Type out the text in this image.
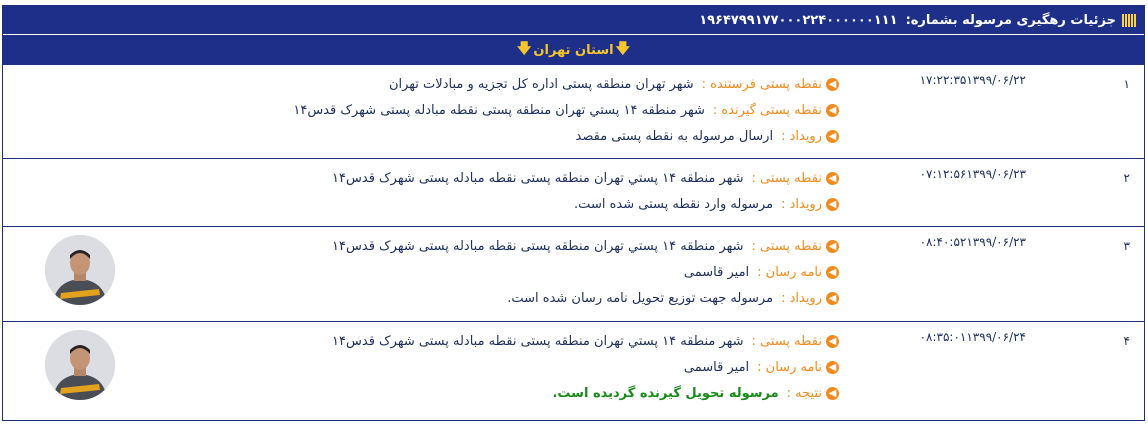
جزئیات رهگیری مرسوله بشماره:
۱۹۶۴۷۹۹۱۷۷۰۰۰۲۲۴۰۰۰۰۰۰۱۱۱
🡇
استان تهران
🡇
۱
۱۷:۲۲:۳۵۱۳۹۹/۰۶/۲۲
◀
نقطه پستی فرستنده :
شهر تهران منطقه پستی اداره کل تجزیه و مبادلات تهران
◀
نقطه پستی گیرنده :
شهر منطقه ۱۴ پستي تهران منطقه پستی نقطه مبادله پستی شهرک قدس۱۴
◀
رویداد :
ارسال مرسوله به نقطه پستی مقصد
۲
۰۷:۱۲:۵۶۱۳۹۹/۰۶/۲۳
◀
نقطه پستی :
شهر منطقه ۱۴ پستي تهران منطقه پستی نقطه مبادله پستی شهرک قدس۱۴
◀
رویداد :
مرسوله وارد نقطه پستی شده است.
۳
۰۸:۴۰:۵۲۱۳۹۹/۰۶/۲۳
◀
نقطه پستی :
شهر منطقه ۱۴ پستي تهران منطقه پستی نقطه مبادله پستی شهرک قدس۱۴
◀
نامه رسان :
امیر قاسمی
◀
رویداد :
مرسوله جهت توزیع تحویل نامه رسان شده است.
۴
۰۸:۳۵:۰۱۱۳۹۹/۰۶/۲۴
◀
نقطه پستی :
شهر منطقه ۱۴ پستي تهران منطقه پستی نقطه مبادله پستی شهرک قدس۱۴
◀
نامه رسان :
امیر قاسمی
◀
نتیجه :
مرسوله تحویل گیرنده گردیده است.
